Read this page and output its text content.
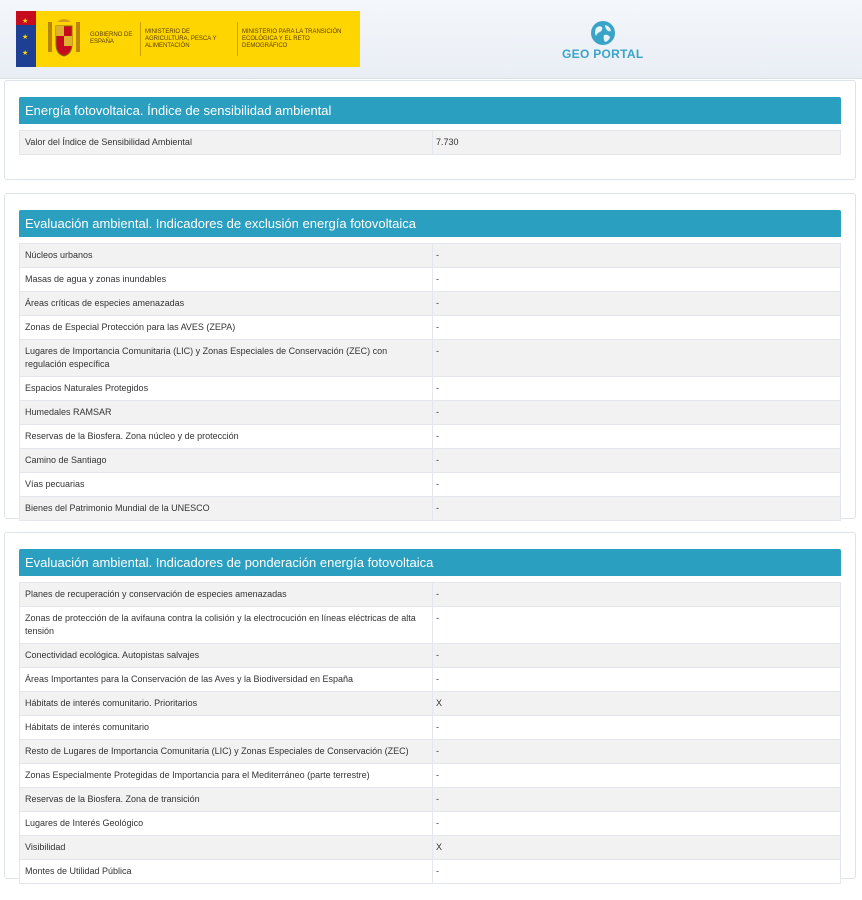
★
★
★
GOBIERNO DE ESPAÑA
MINISTERIO DE AGRICULTURA, PESCA Y ALIMENTACIÓN
MINISTERIO PARA LA TRANSICIÓN ECOLÓGICA Y EL RETO DEMOGRÁFICO
GEO PORTAL
Energía fotovoltaica. Índice de sensibilidad ambiental
Valor del Índice de Sensibilidad Ambiental	7.730
Evaluación ambiental. Indicadores de exclusión energía fotovoltaica
Núcleos urbanos	-
Masas de agua y zonas inundables	-
Áreas críticas de especies amenazadas	-
Zonas de Especial Protección para las AVES (ZEPA)	-
Lugares de Importancia Comunitaria (LIC) y Zonas Especiales de Conservación (ZEC) con regulación específica	-
Espacios Naturales Protegidos	-
Humedales RAMSAR	-
Reservas de la Biosfera. Zona núcleo y de protección	-
Camino de Santiago	-
Vías pecuarias	-
Bienes del Patrimonio Mundial de la UNESCO	-
Evaluación ambiental. Indicadores de ponderación energía fotovoltaica
Planes de recuperación y conservación de especies amenazadas	-
Zonas de protección de la avifauna contra la colisión y la electrocución en líneas eléctricas de alta tensión	-
Conectividad ecológica. Autopistas salvajes	-
Áreas Importantes para la Conservación de las Aves y la Biodiversidad en España	-
Hábitats de interés comunitario. Prioritarios	X
Hábitats de interés comunitario	-
Resto de Lugares de Importancia Comunitaria (LIC) y Zonas Especiales de Conservación (ZEC)	-
Zonas Especialmente Protegidas de Importancia para el Mediterráneo (parte terrestre)	-
Reservas de la Biosfera. Zona de transición	-
Lugares de Interés Geológico	-
Visibilidad	X
Montes de Utilidad Pública	-
